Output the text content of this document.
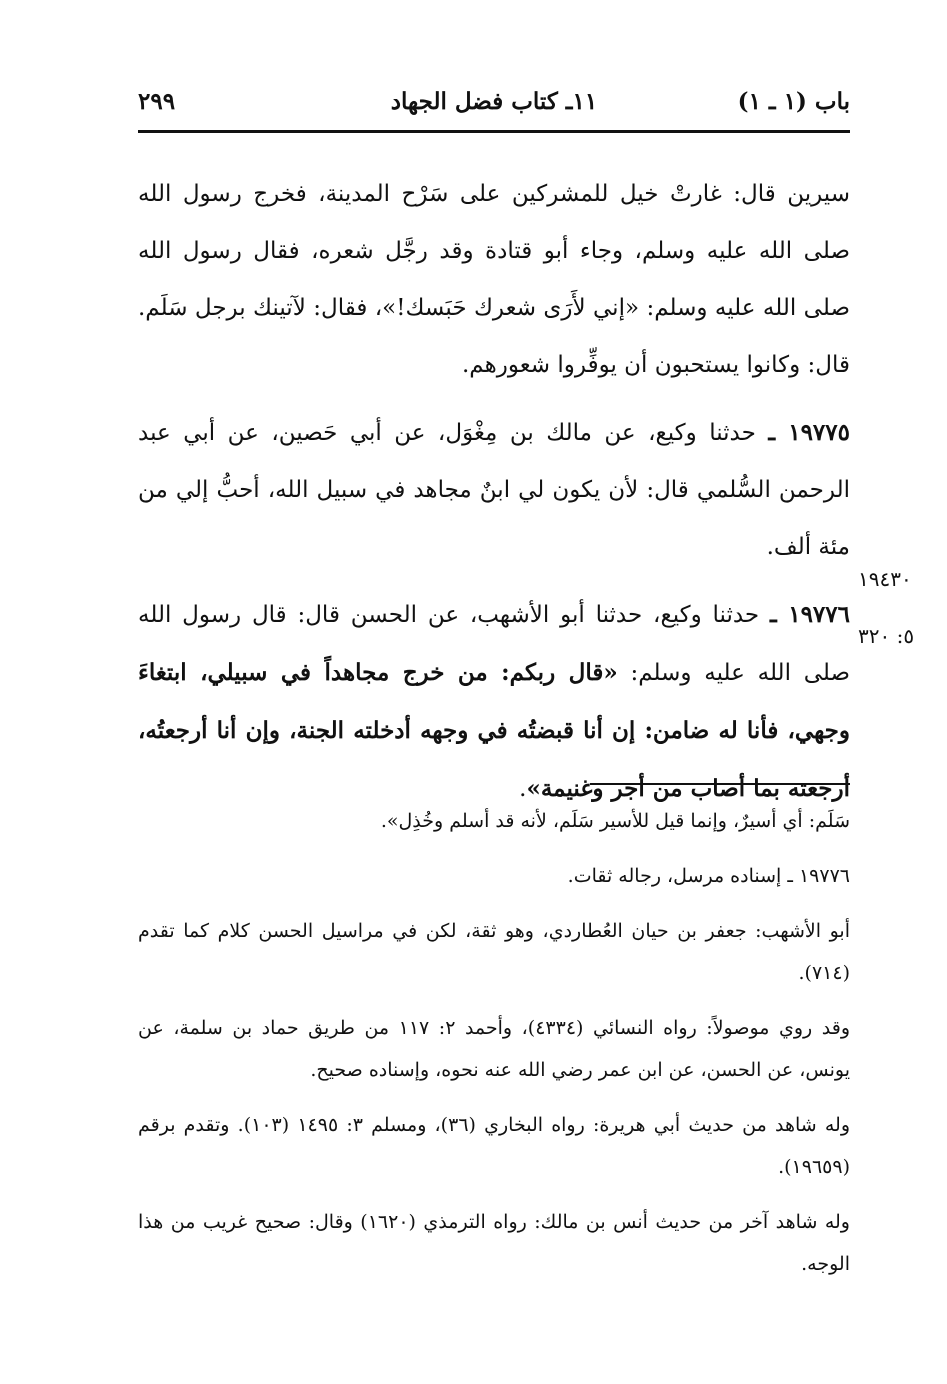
باب (١ ـ ١)
١١ـ كتاب فضل الجهاد
٢٩٩

سيرين قال: غارتْ خيل للمشركين على سَرْح المدينة، فخرج رسول الله صلى الله عليه وسلم، وجاء أبو قتادة وقد رجَّل شعره، فقال رسول الله صلى الله عليه وسلم: «إني لأَرَى شعرك حَبَسك!»، فقال: لآتينك برجل سَلَم. قال: وكانوا يستحبون أن يوفِّروا شعورهم.

١٩٧٧٥ ـ حدثنا وكيع، عن مالك بن مِغْوَل، عن أبي حَصين، عن أبي عبد الرحمن السُّلمي قال: لأن يكون لي ابنٌ مجاهد في سبيل الله، أحبُّ إلي من مئة ألف.

١٩٧٧٦ ـ حدثنا وكيع، حدثنا أبو الأشهب، عن الحسن قال: قال رسول الله صلى الله عليه وسلم: «قال ربكم: من خرج مجاهداً في سبيلي، ابتغاءَ وجهي، فأنا له ضامن: إن أنا قبضتُه في وجهه أدخلته الجنة، وإن أنا أرجعتُه، أرجعته بما أصاب من أجر وغنيمة».

١٩٤٣٠
٥: ٣٢٠

سَلَم: أي أسيرٌ، وإنما قيل للأسير سَلَم، لأنه قد أسلم وخُذِل».

١٩٧٧٦ ـ إسناده مرسل، رجاله ثقات.

أبو الأشهب: جعفر بن حيان العُطاردي، وهو ثقة، لكن في مراسيل الحسن كلام كما تقدم (٧١٤).

وقد روي موصولاً: رواه النسائي (٤٣٣٤)، وأحمد ٢: ١١٧ من طريق حماد بن سلمة، عن يونس، عن الحسن، عن ابن عمر رضي الله عنه نحوه، وإسناده صحيح.

وله شاهد من حديث أبي هريرة: رواه البخاري (٣٦)، ومسلم ٣: ١٤٩٥ (١٠٣). وتقدم برقم (١٩٦٥٩).

وله شاهد آخر من حديث أنس بن مالك: رواه الترمذي (١٦٢٠) وقال: صحيح غريب من هذا الوجه.
